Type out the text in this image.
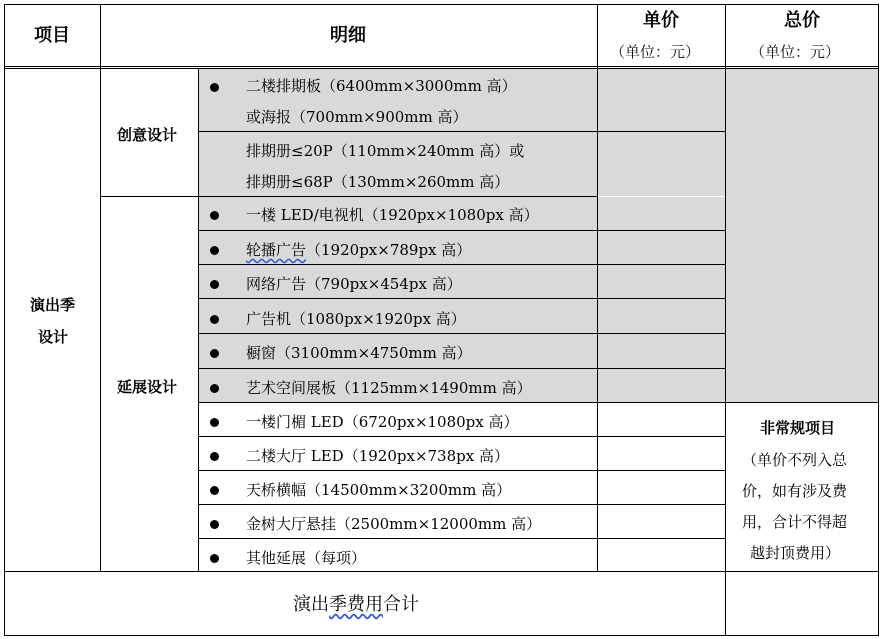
项目	明细
单价
（单位：元）
总价
（单位：元）
演出季
设计
创意设计
延展设计
二楼排期板（6400mm×3000mm 高）
或海报（700mm×900mm 高）
排期册≤20P（110mm×240mm 高）或
排期册≤68P（130mm×260mm 高）
一楼 LED/电视机（1920px×1080px 高）
轮播广告（1920px×789px 高）
网络广告（790px×454px 高）
广告机（1080px×1920px 高）
橱窗（3100mm×4750mm 高）
艺术空间展板（1125mm×1490mm 高）
一楼门楣 LED（6720px×1080px 高）
二楼大厅 LED（1920px×738px 高）
天桥横幅（14500mm×3200mm 高）
金树大厅悬挂（2500mm×12000mm 高）
其他延展（每项）
非常规项目
（单价不列入总
价，如有涉及费
用，合计不得超
越封顶费用）
演出季费用合计
